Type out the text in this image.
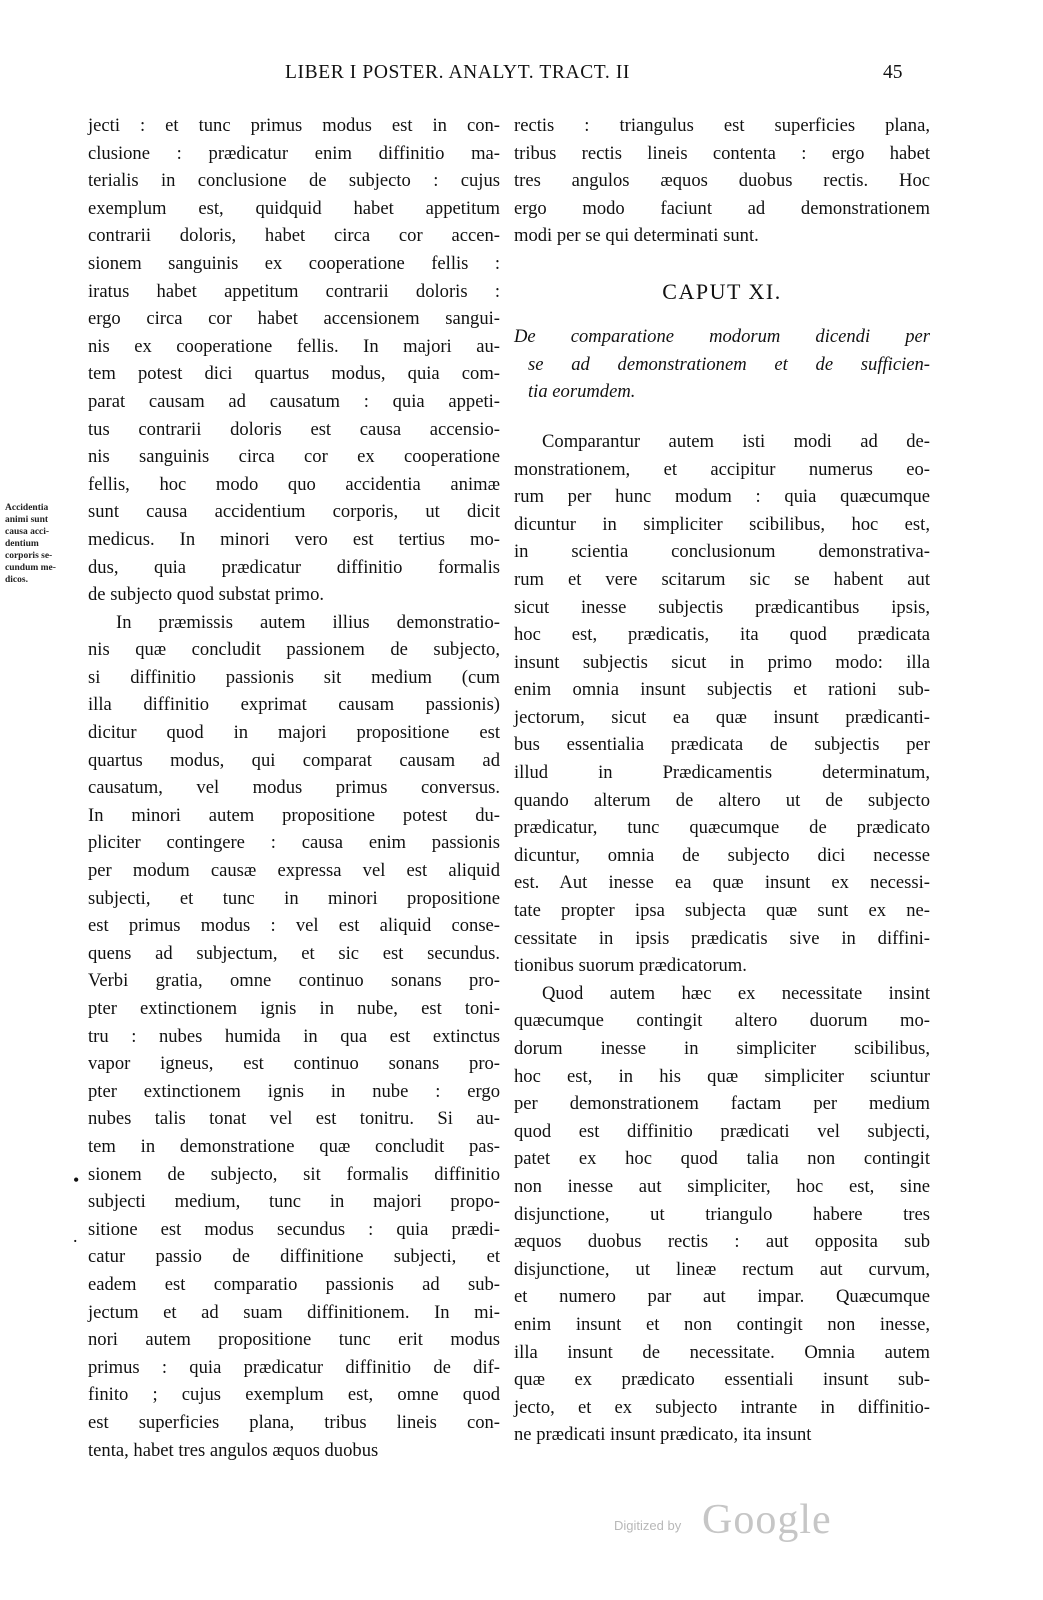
LIBER I POSTER. ANALYT. TRACT. II	45
Accidentia
animi sunt
causa acci-
dentium
corporis se-
cundum me-
dicos.
jecti : et tunc primus modus est in con-
clusione : prædicatur enim diffinitio ma-
terialis in conclusione de subjecto : cujus
exemplum est, quidquid habet appetitum
contrarii doloris, habet circa cor accen-
sionem sanguinis ex cooperatione fellis :
iratus habet appetitum contrarii doloris :
ergo circa cor habet accensionem sangui-
nis ex cooperatione fellis. In majori au-
tem potest dici quartus modus, quia com-
parat causam ad causatum : quia appeti-
tus contrarii doloris est causa accensio-
nis sanguinis circa cor ex cooperatione
fellis, hoc modo quo accidentia animæ
sunt causa accidentium corporis, ut dicit
medicus. In minori vero est tertius mo-
dus, quia prædicatur diffinitio formalis
de subjecto quod substat primo.
In præmissis autem illius demonstratio-
nis quæ concludit passionem de subjecto,
si diffinitio passionis sit medium (cum
illa diffinitio exprimat causam passionis)
dicitur quod in majori propositione est
quartus modus, qui comparat causam ad
causatum, vel modus primus conversus.
In minori autem propositione potest du-
pliciter contingere : causa enim passionis
per modum causæ expressa vel est aliquid
subjecti, et tunc in minori propositione
est primus modus : vel est aliquid conse-
quens ad subjectum, et sic est secundus.
Verbi gratia, omne continuo sonans pro-
pter extinctionem ignis in nube, est toni-
tru : nubes humida in qua est extinctus
vapor igneus, est continuo sonans pro-
pter extinctionem ignis in nube : ergo
nubes talis tonat vel est tonitru. Si au-
tem in demonstratione quæ concludit pas-
sionem de subjecto, sit formalis diffinitio
subjecti medium, tunc in majori propo-
sitione est modus secundus : quia prædi-
catur passio de diffinitione subjecti, et
eadem est comparatio passionis ad sub-
jectum et ad suam diffinitionem. In mi-
nori autem propositione tunc erit modus
primus : quia prædicatur diffinitio de dif-
finito ; cujus exemplum est, omne quod
est superficies plana, tribus lineis con-
tenta, habet tres angulos æquos duobus
rectis : triangulus est superficies plana,
tribus rectis lineis contenta : ergo habet
tres angulos æquos duobus rectis. Hoc
ergo modo faciunt ad demonstrationem
modi per se qui determinati sunt.
CAPUT XI.
De comparatione modorum dicendi per
se ad demonstrationem et de sufficien-
tia eorumdem.
Comparantur autem isti modi ad de-
monstrationem, et accipitur numerus eo-
rum per hunc modum : quia quæcumque
dicuntur in simpliciter scibilibus, hoc est,
in scientia conclusionum demonstrativa-
rum et vere scitarum sic se habent aut
sicut inesse subjectis prædicantibus ipsis,
hoc est, prædicatis, ita quod prædicata
insunt subjectis sicut in primo modo: illa
enim omnia insunt subjectis et rationi sub-
jectorum, sicut ea quæ insunt prædicanti-
bus essentialia prædicata de subjectis per
illud in Prædicamentis determinatum,
quando alterum de altero ut de subjecto
prædicatur, tunc quæcumque de prædicato
dicuntur, omnia de subjecto dici necesse
est. Aut inesse ea quæ insunt ex necessi-
tate propter ipsa subjecta quæ sunt ex ne-
cessitate in ipsis prædicatis sive in diffini-
tionibus suorum prædicatorum.
Quod autem hæc ex necessitate insint
quæcumque contingit altero duorum mo-
dorum inesse in simpliciter scibilibus,
hoc est, in his quæ simpliciter sciuntur
per demonstrationem factam per medium
quod est diffinitio prædicati vel subjecti,
patet ex hoc quod talia non contingit
non inesse aut simpliciter, hoc est, sine
disjunctione, ut triangulo habere tres
æquos duobus rectis : aut opposita sub
disjunctione, ut lineæ rectum aut curvum,
et numero par aut impar. Quæcumque
enim insunt et non contingit non inesse,
illa insunt de necessitate. Omnia autem
quæ ex prædicato essentiali insunt sub-
jecto, et ex subjecto intrante in diffinitio-
ne prædicati insunt prædicato, ita insunt
•
.
Digitized by Google
